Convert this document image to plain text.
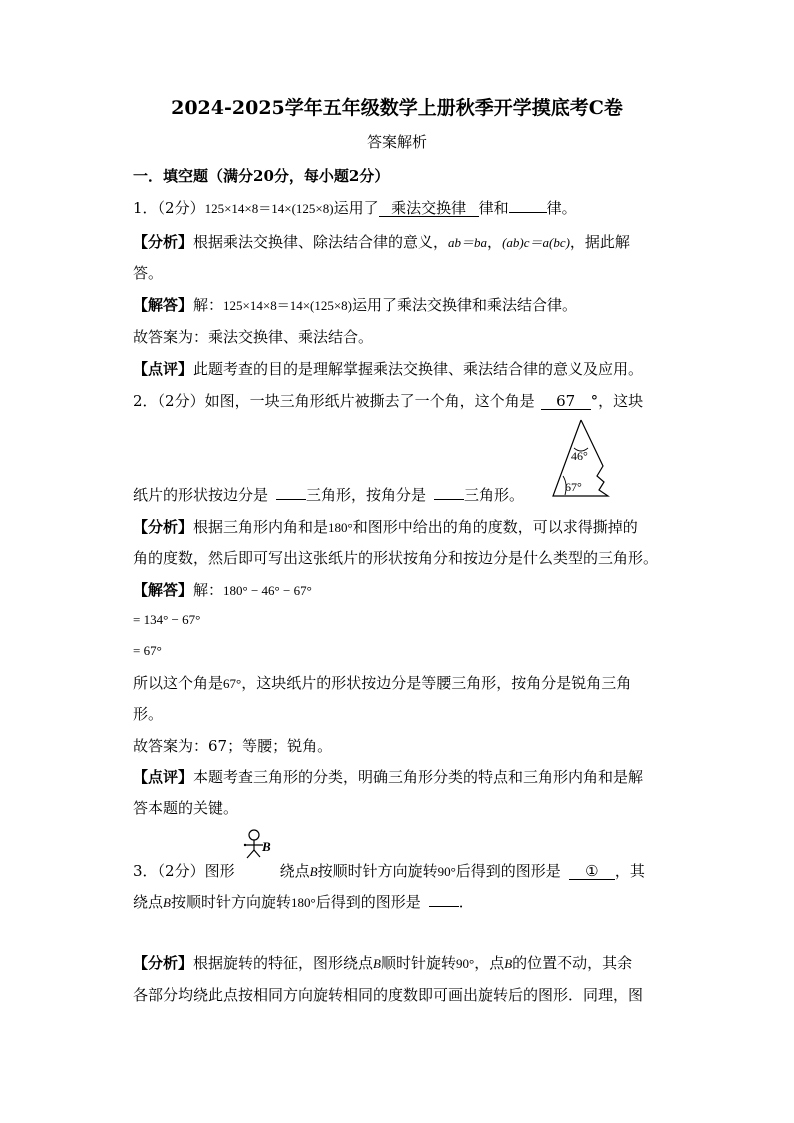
2024-2025学年五年级数学上册秋季开学摸底考C卷
答案解析
一．填空题（满分20分，每小题2分）
1．（2分）125×14×8＝14×(125×8)运用了 乘法交换律 律和	律。
【分析】根据乘法交换律、除法结合律的意义，ab＝ba，(ab)c＝a(bc)，据此解
答。
【解答】解：125×14×8＝14×(125×8)运用了乘法交换律和乘法结合律。
故答案为：乘法交换律、乘法结合。
【点评】此题考查的目的是理解掌握乘法交换律、乘法结合律的意义及应用。
2．（2分）如图，一块三角形纸片被撕去了一个角，这个角是 67 °，这块
46°
67°
纸片的形状按边分是	三角形，按角分是	三角形。
【分析】根据三角形内角和是180°和图形中给出的角的度数，可以求得撕掉的
角的度数，然后即可写出这张纸片的形状按角分和按边分是什么类型的三角形。
【解答】解：180° − 46° − 67°
= 134° − 67°
= 67°
所以这个角是67°，这块纸片的形状按边分是等腰三角形，按角分是锐角三角
形。
故答案为：67；等腰；锐角。
【点评】本题考查三角形的分类，明确三角形分类的特点和三角形内角和是解
答本题的关键。
B
3．（2分）图形	绕点B按顺时针方向旋转90°后得到的图形是 ① ，其
绕点B按顺时针方向旋转180°后得到的图形是	．
【分析】根据旋转的特征，图形绕点B顺时针旋转90°，点B的位置不动，其余
各部分均绕此点按相同方向旋转相同的度数即可画出旋转后的图形．同理，图
